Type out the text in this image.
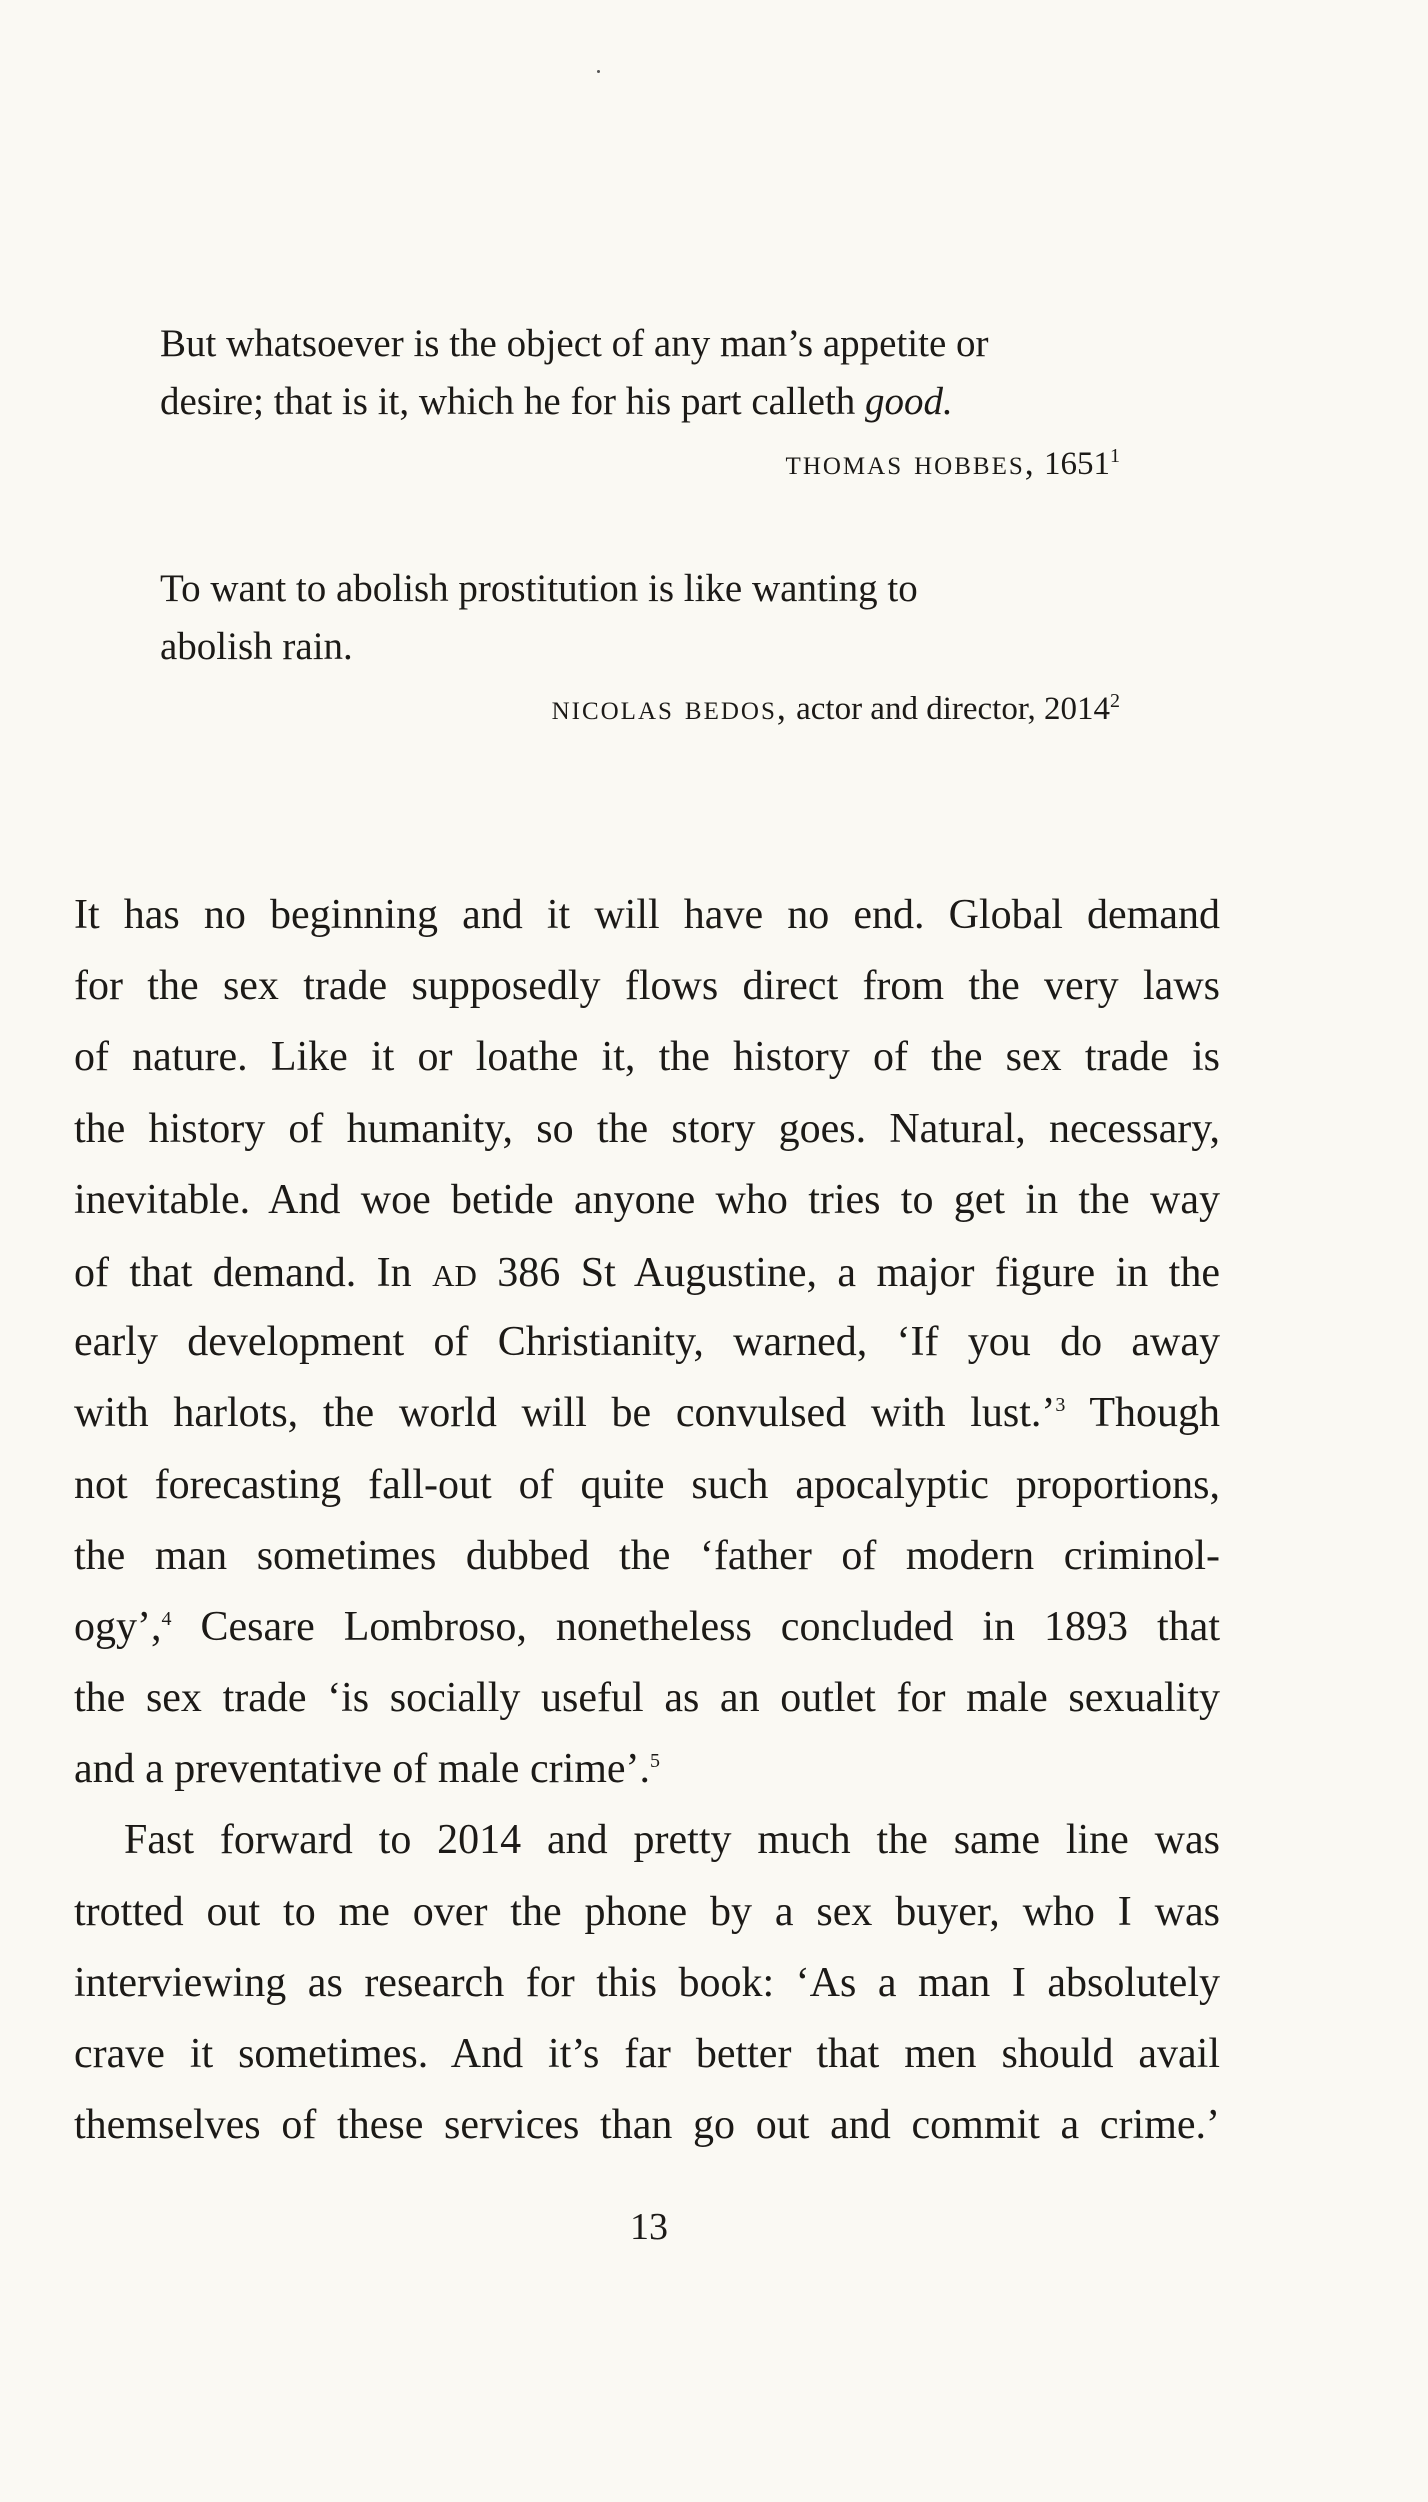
But whatsoever is the object of any man’s appetite or
desire; that is it, which he for his part calleth good.
thomas hobbes, 1651$^1$
To want to abolish prostitution is like wanting to
abolish rain.
nicolas bedos, actor and director, 2014$^2$
It has no beginning and it will have no end. Global demand
for the sex trade supposedly flows direct from the very laws
of nature. Like it or loathe it, the history of the sex trade is
the history of humanity, so the story goes. Natural, necessary,
inevitable. And woe betide anyone who tries to get in the way
of that demand. In ad 386 St Augustine, a major figure in the
early development of Christianity, warned, ‘If you do away
with harlots, the world will be convulsed with lust.’$^3$ Though
not forecasting fall-out of quite such apocalyptic proportions,
the man sometimes dubbed the ‘father of modern criminol-
ogy’,$^4$ Cesare Lombroso, nonetheless concluded in 1893 that
the sex trade ‘is socially useful as an outlet for male sexuality
and a preventative of male crime’.$^5$
Fast forward to 2014 and pretty much the same line was
trotted out to me over the phone by a sex buyer, who I was
interviewing as research for this book: ‘As a man I absolutely
crave it sometimes. And it’s far better that men should avail
themselves of these services than go out and commit a crime.’
13
